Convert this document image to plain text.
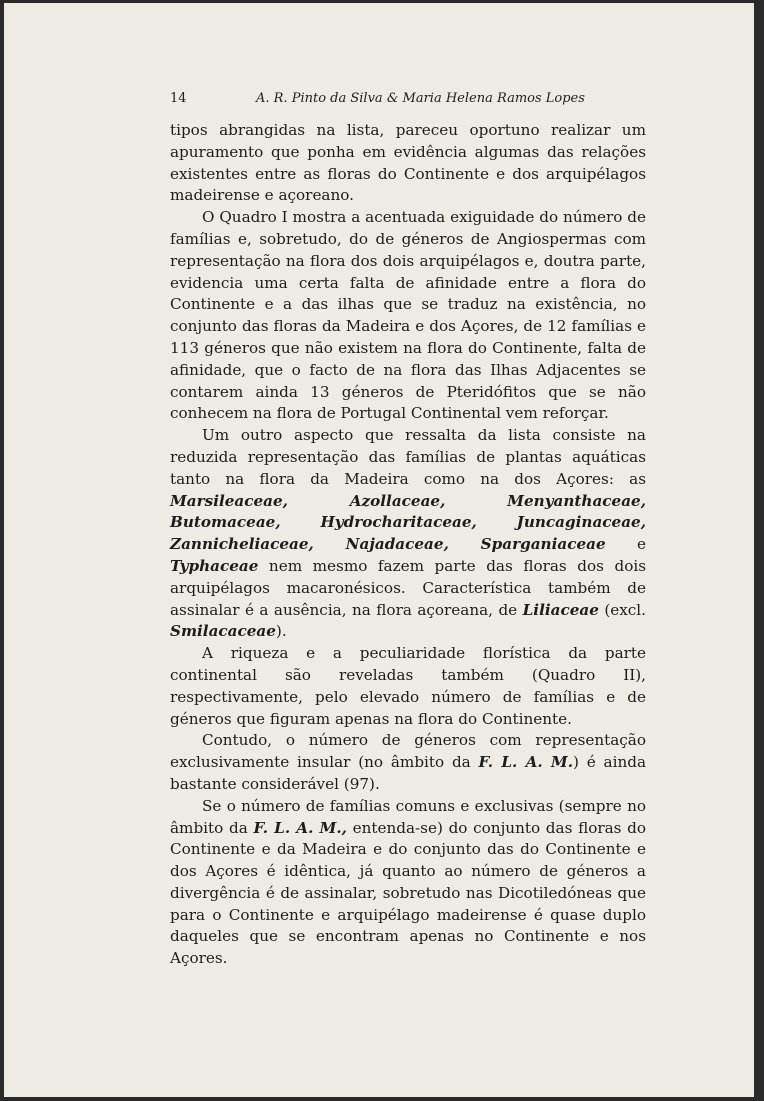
14	A. R. Pinto da Silva & Maria Helena Ramos Lopes

tipos abrangidas na lista, pareceu oportuno realizar um apuramento que ponha em evidência algumas das relações existentes entre as floras do Continente e dos arquipélagos madeirense e açoreano.

O Quadro I mostra a acentuada exiguidade do número de famílias e, sobretudo, do de géneros de Angiospermas com representação na flora dos dois arquipélagos e, doutra parte, evidencia uma certa falta de afinidade entre a flora do Continente e a das ilhas que se traduz na existência, no conjunto das floras da Madeira e dos Açores, de 12 famílias e 113 géneros que não existem na flora do Continente, falta de afinidade, que o facto de na flora das Ilhas Adjacentes se contarem ainda 13 géneros de Pteridófitos que se não conhecem na flora de Portugal Continental vem reforçar.

Um outro aspecto que ressalta da lista consiste na reduzida representação das famílias de plantas aquáticas tanto na flora da Madeira como na dos Açores: as Marsileaceae, Azollaceae, Menyanthaceae, Butomaceae, Hydrocharitaceae, Juncaginaceae, Zannicheliaceae, Najadaceae, Sparganiaceae e Typhaceae nem mesmo fazem parte das floras dos dois arquipélagos macaronésicos. Característica também de assinalar é a ausência, na flora açoreana, de Liliaceae (excl. Smilacaceae).

A riqueza e a peculiaridade florística da parte continental são reveladas também (Quadro II), respectivamente, pelo elevado número de famílias e de géneros que figuram apenas na flora do Continente.

Contudo, o número de géneros com representação exclusivamente insular (no âmbito da F. L. A. M.) é ainda bastante considerável (97).

Se o número de famílias comuns e exclusivas (sempre no âmbito da F. L. A. M., entenda-se) do conjunto das floras do Continente e da Madeira e do conjunto das do Continente e dos Açores é idêntica, já quanto ao número de géneros a divergência é de assinalar, sobretudo nas Dicotiledóneas que para o Continente e arquipélago madeirense é quase duplo daqueles que se encontram apenas no Continente e nos Açores.
